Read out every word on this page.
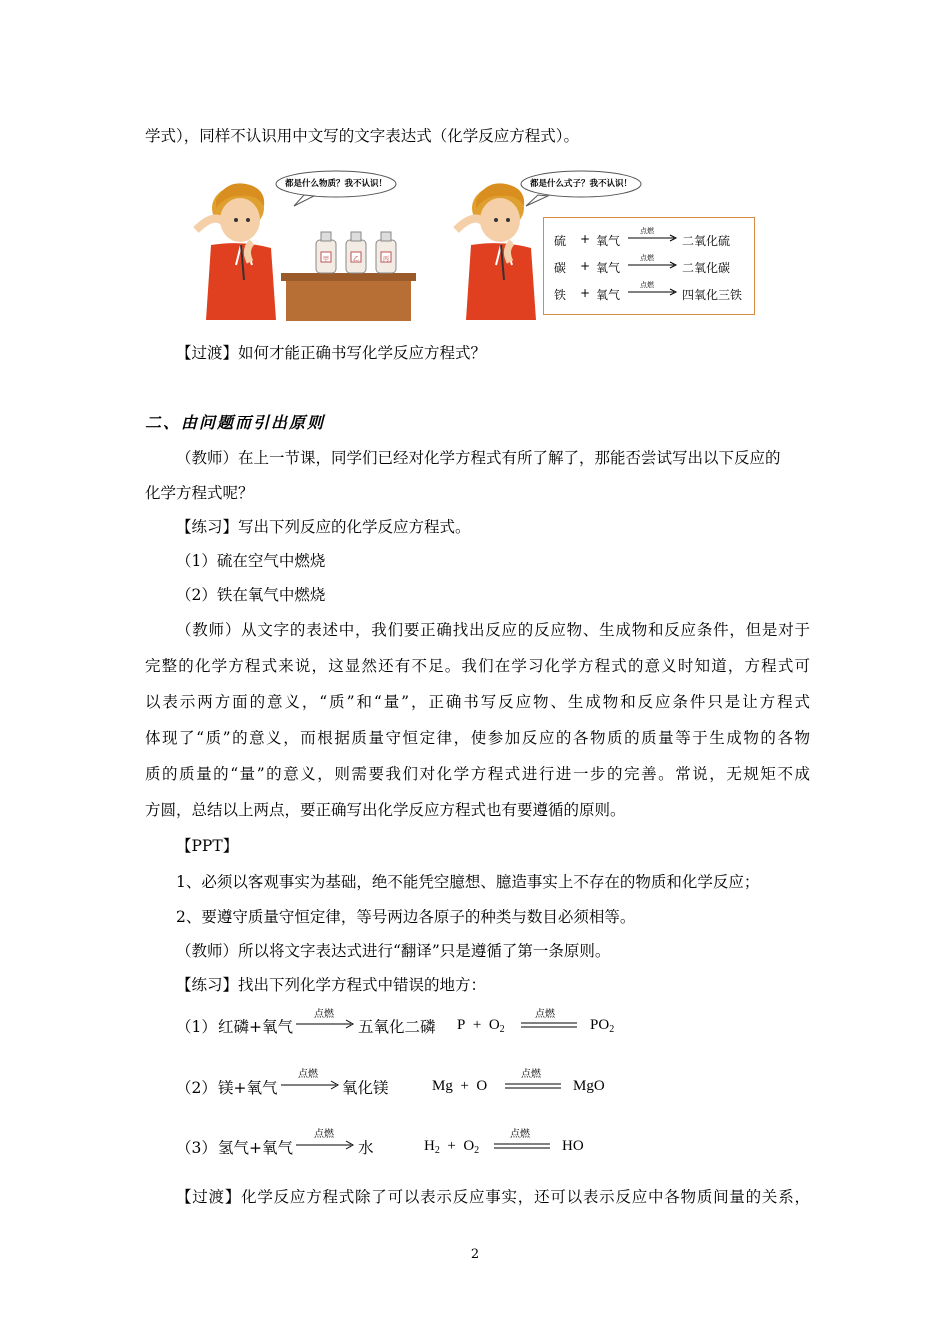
学式），同样不认识用中文写的文字表达式（化学反应方程式）。
都是什么物质？我不认识！	都是什么式子？我不认识！
甲	乙	丙
硫 + 氧气
点燃
二氧化硫
碳 + 氧气
点燃
二氧化碳
铁 + 氧气
点燃
四氧化三铁
【过渡】如何才能正确书写化学反应方程式？
二、由问题而引出原则
（教师）在上一节课，同学们已经对化学方程式有所了解了，那能否尝试写出以下反应的
化学方程式呢？
【练习】写出下列反应的化学反应方程式。
（1）硫在空气中燃烧
（2）铁在氧气中燃烧
（教师）从文字的表述中，我们要正确找出反应的反应物、生成物和反应条件，但是对于
完整的化学方程式来说，这显然还有不足。我们在学习化学方程式的意义时知道，方程式可
以表示两方面的意义，“质”和“量”，正确书写反应物、生成物和反应条件只是让方程式
体现了“质”的意义，而根据质量守恒定律，使参加反应的各物质的质量等于生成物的各物
质的质量的“量”的意义，则需要我们对化学方程式进行进一步的完善。常说，无规矩不成
方圆，总结以上两点，要正确写出化学反应方程式也有要遵循的原则。
【PPT】
1、必须以客观事实为基础，绝不能凭空臆想、臆造事实上不存在的物质和化学反应；
2、要遵守质量守恒定律，等号两边各原子的种类与数目必须相等。
（教师）所以将文字表达式进行“翻译”只是遵循了第一条原则。
【练习】找出下列化学方程式中错误的地方：
（1） 红磷+氧气
点燃
五氧化二磷 $P + O_2$
点燃
$PO_2$
（2） 镁+氧气
点燃
氧化镁	Mg + O
点燃
MgO
（3） 氢气+氧气
点燃
水	$H_2 + O_2$
点燃
HO
【过渡】化学反应方程式除了可以表示反应事实，还可以表示反应中各物质间量的关系，
2
